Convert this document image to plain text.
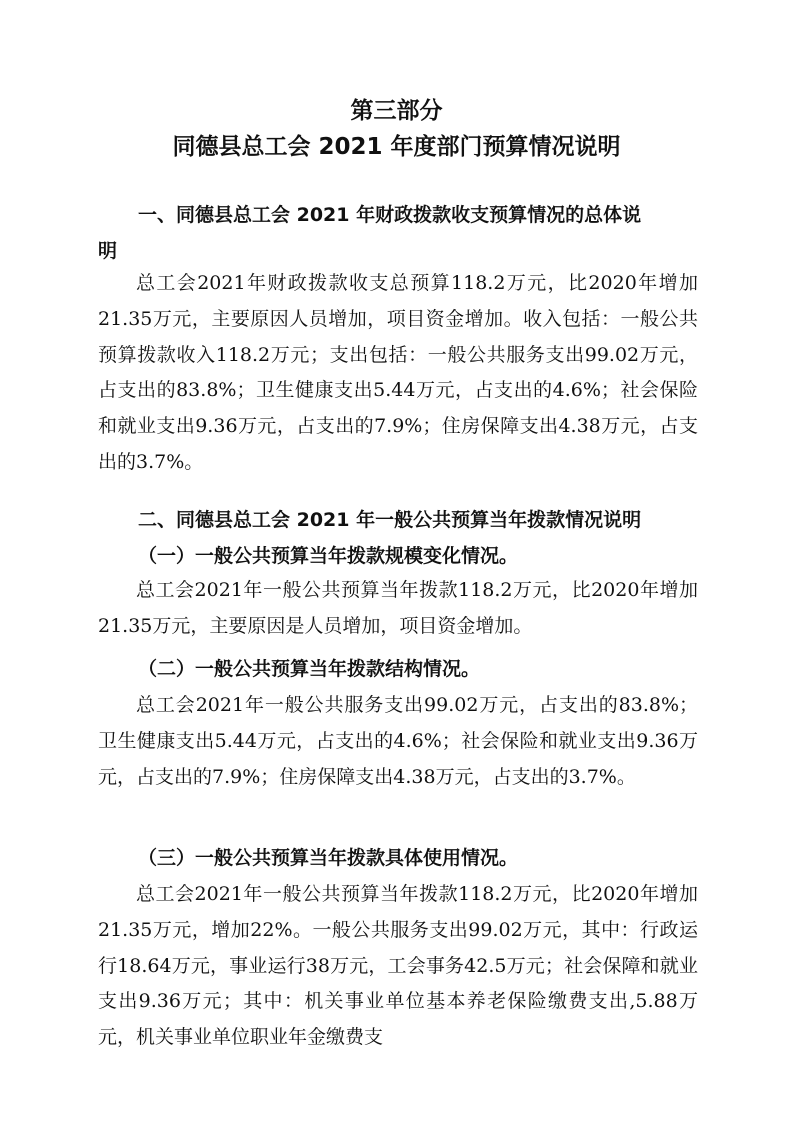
第三部分
同德县总工会 2021 年度部门预算情况说明
一、同德县总工会 2021 年财政拨款收支预算情况的总体说
明

总工会2021年财政拨款收支总预算118.2万元，比2020年增加21.35万元，主要原因人员增加，项目资金增加。收入包括：一般公共预算拨款收入118.2万元；支出包括：一般公共服务支出99.02万元，占支出的83.8%；卫生健康支出5.44万元，占支出的4.6%；社会保险和就业支出9.36万元，占支出的7.9%；住房保障支出4.38万元，占支出的3.7%。

二、同德县总工会 2021 年一般公共预算当年拨款情况说明
（一）一般公共预算当年拨款规模变化情况。

总工会2021年一般公共预算当年拨款118.2万元，比2020年增加21.35万元，主要原因是人员增加，项目资金增加。

（二）一般公共预算当年拨款结构情况。

总工会2021年一般公共服务支出99.02万元，占支出的83.8%；卫生健康支出5.44万元，占支出的4.6%；社会保险和就业支出9.36万元，占支出的7.9%；住房保障支出4.38万元，占支出的3.7%。

（三）一般公共预算当年拨款具体使用情况。

总工会2021年一般公共预算当年拨款118.2万元，比2020年增加21.35万元，增加22%。一般公共服务支出99.02万元，其中：行政运行18.64万元，事业运行38万元，工会事务42.5万元；社会保障和就业支出9.36万元；其中：机关事业单位基本养老保险缴费支出,5.88万元，机关事业单位职业年金缴费支
